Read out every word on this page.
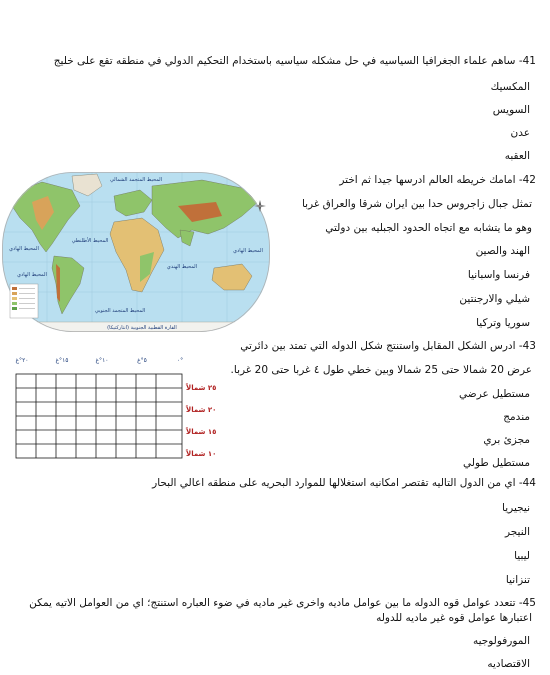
41- ساهم علماء الجغرافيا السياسيه في حل مشكله سياسيه باستخدام التحكيم الدولي في منطقه تقع على خليج
المكسيك
السويس
عدن
العقبه
42- امامك خريطه العالم ادرسها جيدا ثم اختر
تمثل جبال زاجروس حدا بين ايران شرقا والعراق غربا
وهو ما يتشابه مع اتجاه الحدود الجبليه بين دولتي
الهند والصين
فرنسا واسبانيا
شيلي والارجنتين
سوريا وتركيا
المحيط المتجمد الشمالي
المحيط الهادي
المحيط الأطلنطي
المحيط الهادي
المحيط الهندي
المحيط الهادي
المحيط المتجمد الجنوبي
القارة القطبية الجنوبية (انتاركتيكا)
43- ادرس الشكل المقابل واستنتج شكل الدوله التي تمتد بين دائرتي
عرض 20 شمالا حتى 25 شمالا وبين خطي طول ٤ غربا حتى 20 غربا.
مستطيل عرضي
مندمج
مجزئ بري
مستطيل طولي
٢٠°غ	١٥°غ	١٠°غ	٥°غ	٠°
٢٥ شمالاً
٢٠ شمالاً
١٥ شمالاً
١٠ شمالاً
44- اي من الدول التاليه تقتصر امكانيه استغلالها للموارد البحريه على منطقه اعالي البحار
نيجيريا
النيجر
ليبيا
تنزانيا
45- تتعدد عوامل قوه الدوله ما بين عوامل ماديه واخرى غير ماديه في ضوء العباره استنتج؛ اي من العوامل الاتيه يمكن
اعتبارها عوامل قوه غير ماديه للدوله
المورفولوجيه
الاقتصاديه
